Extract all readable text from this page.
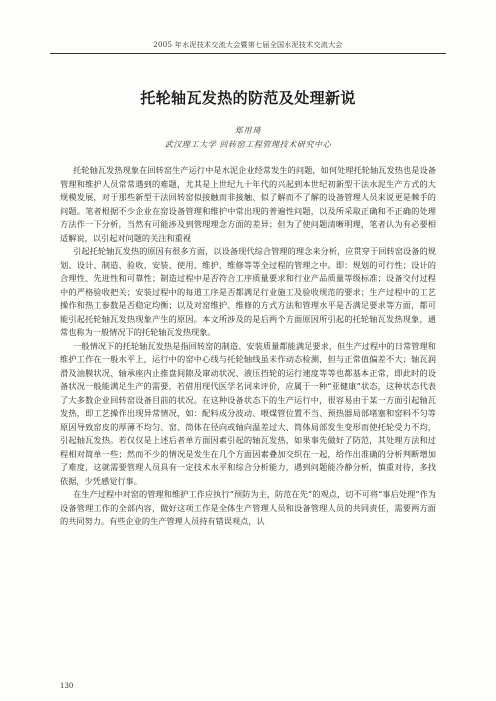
2005 年水泥技术交流大会暨第七届全国水泥技术交流大会
托轮轴瓦发热的防范及处理新说
郑用琦
武汉理工大学 回转窑工程管理技术研究中心

托轮轴瓦发热现象在回转窑生产运行中是水泥企业经常发生的问题，如何处理托轮轴瓦发热也是设备管理和维护人员常常遇到的难题，尤其是上世纪九十年代的兴起到本世纪初新型干法水泥生产方式的大规模发展，对于那些新型干法回转窑似接触而非接触、似了解而不了解的设备管理人员来说更是棘手的问题。笔者根据不少企业在窑设备管理和维护中常出现的普遍性问题，以及所采取正确和不正确的处理方法作一下分析，当然有可能涉及到管理理念方面的差异；但为了使问题清晰明理，笔者认为有必要相适解说，以引起对问题的关注和重视

引起托轮轴瓦发热的原因有很多方面，以设备现代综合管理的理念来分析，应贯穿于回转窑设备的规划、设计、制造、验收、安装、使用、维护、维修等等全过程的管理之中。即：规划的可行性；设计的合理性、先进性和可靠性；制造过程中是否符合工序质量要求和行业产品质量等级标准；设备交付过程中的严格验收把关；安装过程中的每道工序是否都满足行业施工及验收规范的要求；生产过程中的工艺操作和热工参数是否稳定均衡；以及对窑维护、维修的方式方法和管理水平是否满足要求等方面，都可能引起托轮轴瓦发热现象产生的原因。本文所涉及的是后两个方面原因所引起的托轮轴瓦发热现象，通常也称为一般情况下的托轮轴瓦发热现象。

一般情况下的托轮轴瓦发热是指回转窑的制造、安装质量都能满足要求，但生产过程中的日常管理和维护工作在一般水平上，运行中的窑中心线与托轮轴线虽未作动态检测，但与正常值偏差不大；轴瓦润滑及油膜状况、轴承座内止推盘间隙及窜动状况、液压挡轮的运行速度等等也都基本正常，即此时的设备状况一般能满足生产的需要，若借用现代医学名词来评价，应属于一种“亚健康”状态，这种状态代表了大多数企业回转窑设备目前的状况。在这种设备状态下的生产运行中，很容易由于某一方面引起轴瓦发热，即工艺操作出现异常情况，如：配料成分波动、喂煤管位置不当、预热器局部堵塞和窑料不匀等原因导致窑皮的厚薄不均匀、窑、筒体在径向或轴向温差过大、筒体局部发生变形而使托轮受力不均，引起轴瓦发热。若仅仅是上述后者单方面因素引起的轴瓦发热，如果事先做好了防范，其处理方法和过程相对简单一些；然而不少的情况是发生在几个方面因素叠加交织在一起，给作出准确的分析判断增加了难度，这就需要管理人员具有一定技术水平和综合分析能力，遇到问题能冷静分析，慎重对待，多找依据，少凭感觉行事。

在生产过程中对窑的管理和维护工作应执行“预防为主，防范在先”的观点，切不可将“事后处理”作为设备管理工作的全部内容，做好这项工作是全体生产管理人员和设备管理人员的共同责任，需要两方面的共同努力。有些企业的生产管理人员持有错误观点，认

130
